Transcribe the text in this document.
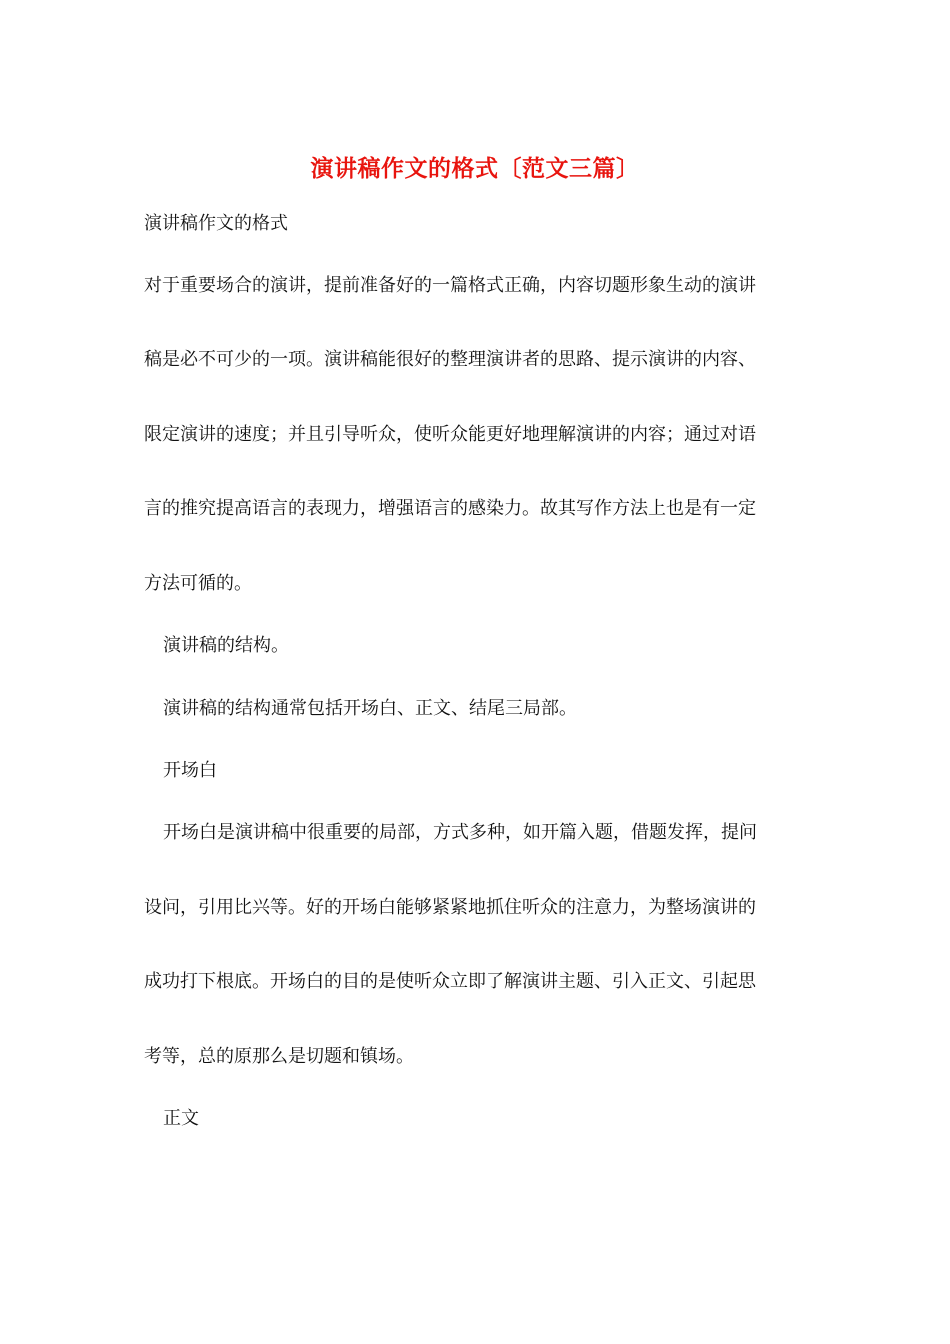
演讲稿作文的格式〔范文三篇〕
演讲稿作文的格式
对于重要场合的演讲，提前准备好的一篇格式正确，内容切题形象生动的演讲
稿是必不可少的一项。演讲稿能很好的整理演讲者的思路、提示演讲的内容、
限定演讲的速度；并且引导听众，使听众能更好地理解演讲的内容；通过对语
言的推究提高语言的表现力，增强语言的感染力。故其写作方法上也是有一定
方法可循的。
演讲稿的结构。
演讲稿的结构通常包括开场白、正文、结尾三局部。
开场白
开场白是演讲稿中很重要的局部，方式多种，如开篇入题，借题发挥，提问
设问，引用比兴等。好的开场白能够紧紧地抓住听众的注意力，为整场演讲的
成功打下根底。开场白的目的是使听众立即了解演讲主题、引入正文、引起思
考等，总的原那么是切题和镇场。
正文
